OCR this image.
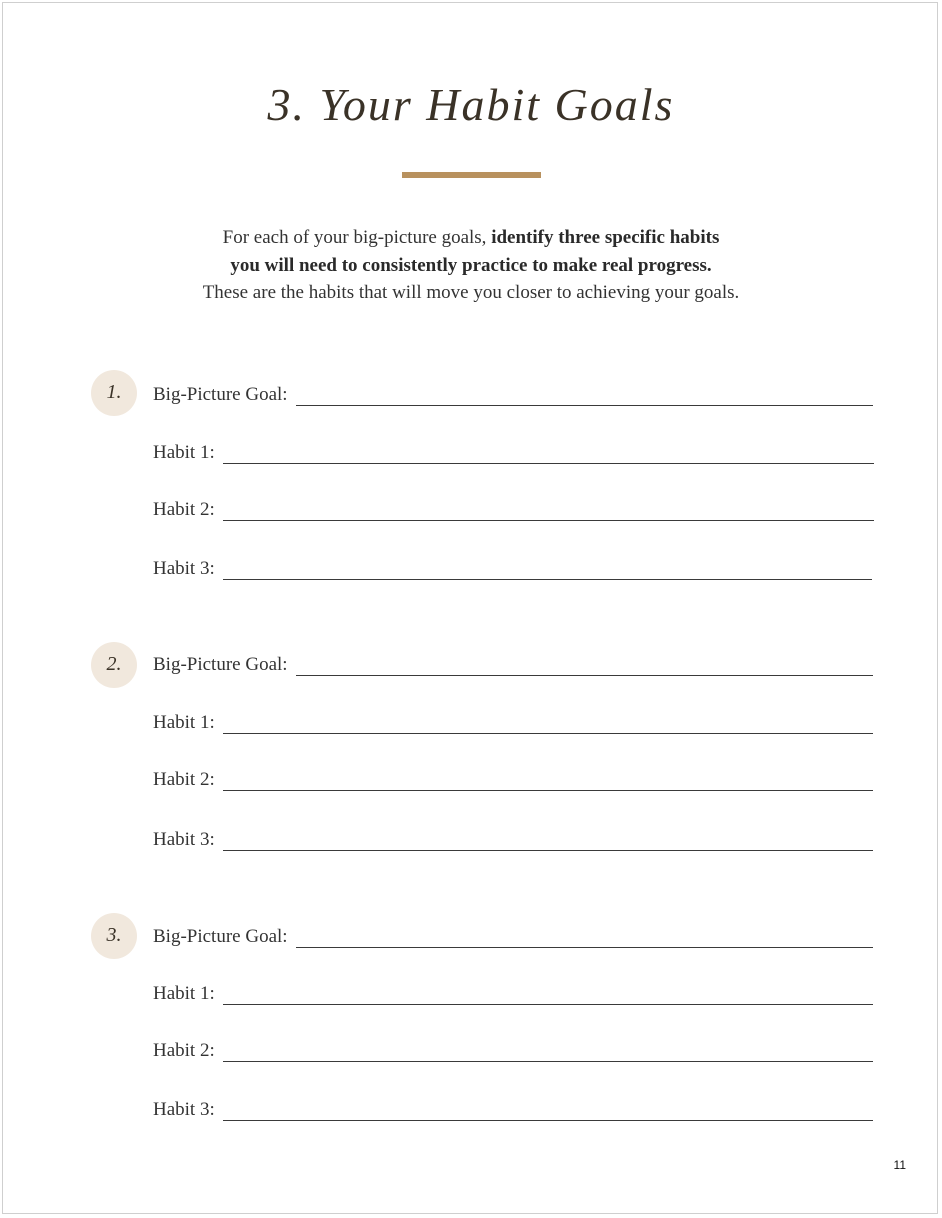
3. Your Habit Goals
For each of your big-picture goals, identify three specific habits
you will need to consistently practice to make real progress.
These are the habits that will move you closer to achieving your goals.
1.	Big-Picture Goal:
Habit 1:
Habit 2:
Habit 3:
2.	Big-Picture Goal:
Habit 1:
Habit 2:
Habit 3:
3.	Big-Picture Goal:
Habit 1:
Habit 2:
Habit 3:
11
